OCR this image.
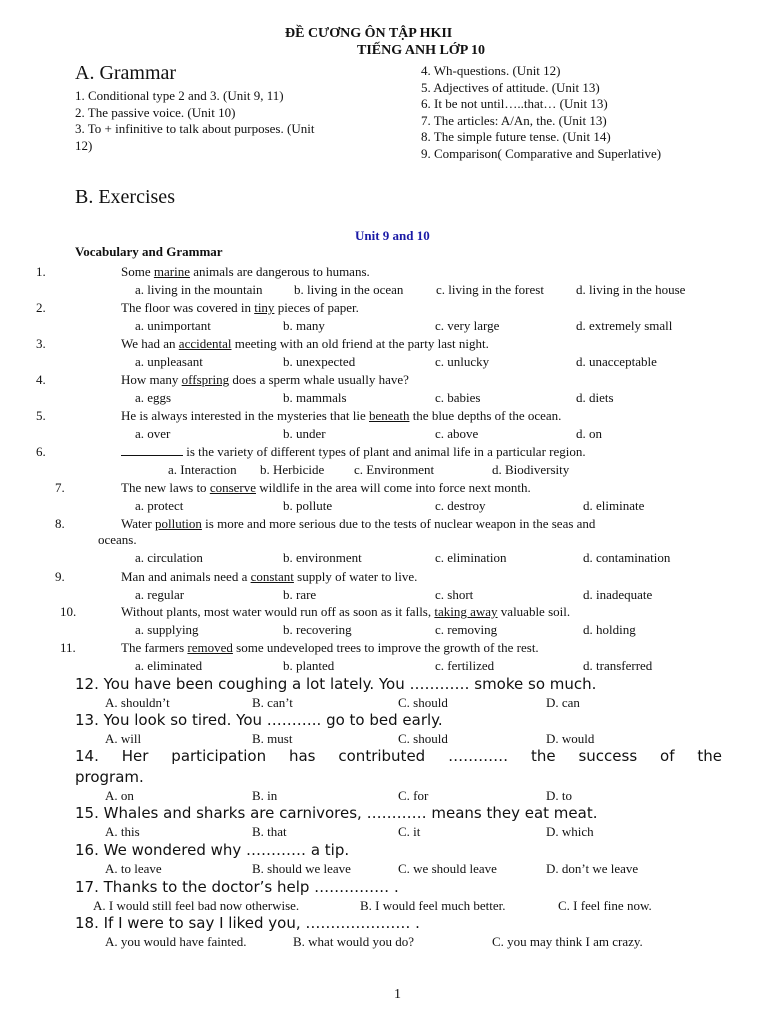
ĐỀ CƯƠNG ÔN TẬP HKII
TIẾNG ANH LỚP 10
A. Grammar
1. Conditional type 2 and 3. (Unit 9, 11)
2. The passive voice. (Unit 10)
3. To + infinitive to talk about purposes. (Unit
12)
4. Wh-questions. (Unit 12)
5. Adjectives of attitude. (Unit 13)
6. It be not until…..that… (Unit 13)
7. The articles: A/An, the. (Unit 13)
8. The simple future tense. (Unit 14)
9. Comparison( Comparative and Superlative)
B. Exercises
Unit 9 and 10
Vocabulary and Grammar
1.	Some marine animals are dangerous to humans.
a. living in the mountain b. living in the ocean	c. living in the forest d. living in the house
2.	The floor was covered in tiny pieces of paper.
a. unimportant	b. many	c. very large	d. extremely small
3.	We had an accidental meeting with an old friend at the party last night.
a. unpleasant	b. unexpected	c. unlucky	d. unacceptable
4.	How many offspring does a sperm whale usually have?
a. eggs	b. mammals	c. babies	d. diets
5.	He is always interested in the mysteries that lie beneath the blue depths of the ocean.
a. over	b. under	c. above	d. on
6.	is the variety of different types of plant and animal life in a particular region.
a. Interaction b. Herbicide c. Environment	d. Biodiversity
7.	The new laws to conserve wildlife in the area will come into force next month.
a. protect	b. pollute	c. destroy	d. eliminate
8.	Water pollution is more and more serious due to the tests of nuclear weapon in the seas and
oceans.
a. circulation	b. environment	c. elimination	d. contamination
9.	Man and animals need a constant supply of water to live.
a. regular	b. rare	c. short	d. inadequate
10.	Without plants, most water would run off as soon as it falls, taking away valuable soil.
a. supplying	b. recovering	c. removing	d. holding
11.	The farmers removed some undeveloped trees to improve the growth of the rest.
a. eliminated	b. planted	c. fertilized	d. transferred
12. You have been coughing a lot lately. You ………… smoke so much.
A. shouldn’t	B. can’t	C. should	D. can
13. You look so tired. You ……….. go to bed early.
A. will	B. must	C. should	D. would
14. Her participation has contributed ………… the success of the
program.
A. on	B. in	C. for	D. to
15. Whales and sharks are carnivores, ………… means they eat meat.
A. this	B. that	C. it	D. which
16. We wondered why ………… a tip.
A. to leave	B. should we leave	C. we should leave	D. don’t we leave
17. Thanks to the doctor’s help …………… .
A. I would still feel bad now otherwise.	B. I would feel much better.	C. I feel fine now.
18. If I were to say I liked you, ………………… .
A. you would have fainted.	B. what would you do?	C. you may think I am crazy.
1
